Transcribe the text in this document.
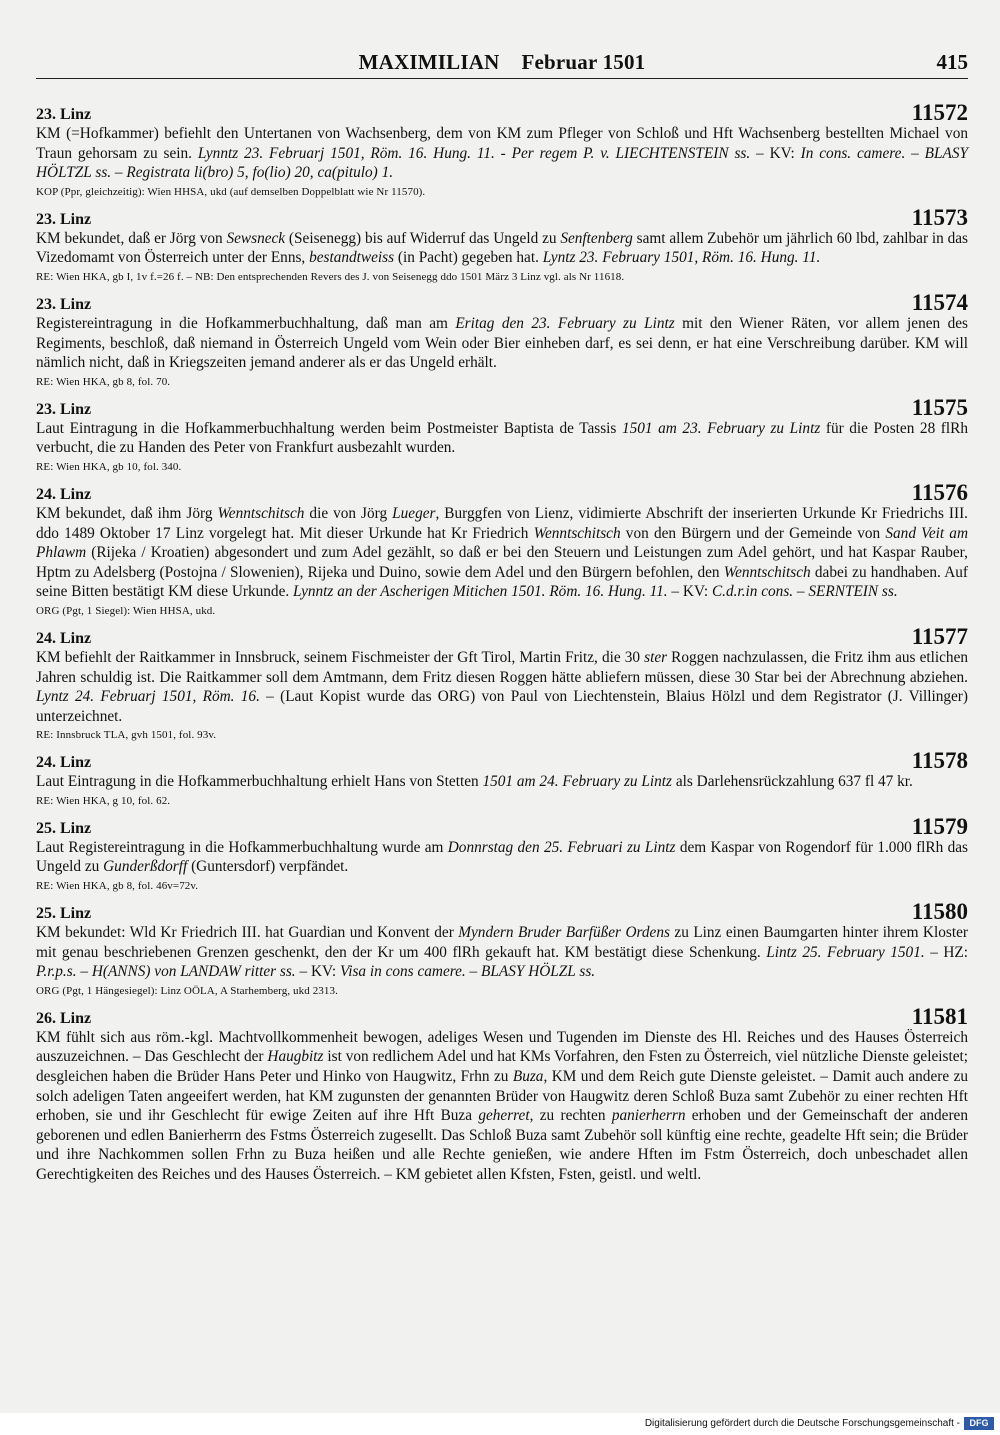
MAXIMILIAN Februar 1501	415
23. Linz	11572

KM (=Hofkammer) befiehlt den Untertanen von Wachsenberg, dem von KM zum Pfleger von Schloß und Hft Wachsenberg bestellten Michael von Traun gehorsam zu sein. Lynntz 23. Februarj 1501, Röm. 16. Hung. 11. - Per regem P. v. LIECHTENSTEIN ss. – KV: In cons. camere. – BLASY HÖLTZL ss. – Registrata li(bro) 5, fo(lio) 20, ca(pitulo) 1.

KOP (Ppr, gleichzeitig): Wien HHSA, ukd (auf demselben Doppelblatt wie Nr 11570).
23. Linz	11573

KM bekundet, daß er Jörg von Sewsneck (Seisenegg) bis auf Widerruf das Ungeld zu Senftenberg samt allem Zubehör um jährlich 60 lbd, zahlbar in das Vizedomamt von Österreich unter der Enns, bestandtweiss (in Pacht) gegeben hat. Lyntz 23. February 1501, Röm. 16. Hung. 11.

RE: Wien HKA, gb I, 1v f.=26 f. – NB: Den entsprechenden Revers des J. von Seisenegg ddo 1501 März 3 Linz vgl. als Nr 11618.
23. Linz	11574

Registereintragung in die Hofkammerbuchhaltung, daß man am Eritag den 23. February zu Lintz mit den Wiener Räten, vor allem jenen des Regiments, beschloß, daß niemand in Österreich Ungeld vom Wein oder Bier einheben darf, es sei denn, er hat eine Verschreibung darüber. KM will nämlich nicht, daß in Kriegszeiten jemand anderer als er das Ungeld erhält.

RE: Wien HKA, gb 8, fol. 70.
23. Linz	11575

Laut Eintragung in die Hofkammerbuchhaltung werden beim Postmeister Baptista de Tassis 1501 am 23. February zu Lintz für die Posten 28 flRh verbucht, die zu Handen des Peter von Frankfurt ausbezahlt wurden.

RE: Wien HKA, gb 10, fol. 340.
24. Linz	11576

KM bekundet, daß ihm Jörg Wenntschitsch die von Jörg Lueger, Burggfen von Lienz, vidimierte Abschrift der inserierten Urkunde Kr Friedrichs III. ddo 1489 Oktober 17 Linz vorgelegt hat. Mit dieser Urkunde hat Kr Friedrich Wenntschitsch von den Bürgern und der Gemeinde von Sand Veit am Phlawm (Rijeka / Kroatien) abgesondert und zum Adel gezählt, so daß er bei den Steuern und Leistungen zum Adel gehört, und hat Kaspar Rauber, Hptm zu Adelsberg (Postojna / Slowenien), Rijeka und Duino, sowie dem Adel und den Bürgern befohlen, den Wenntschitsch dabei zu handhaben. Auf seine Bitten bestätigt KM diese Urkunde. Lynntz an der Ascherigen Mitichen 1501. Röm. 16. Hung. 11. – KV: C.d.r.in cons. – SERNTEIN ss.

ORG (Pgt, 1 Siegel): Wien HHSA, ukd.
24. Linz	11577

KM befiehlt der Raitkammer in Innsbruck, seinem Fischmeister der Gft Tirol, Martin Fritz, die 30 ster Roggen nachzulassen, die Fritz ihm aus etlichen Jahren schuldig ist. Die Raitkammer soll dem Amtmann, dem Fritz diesen Roggen hätte abliefern müssen, diese 30 Star bei der Abrechnung abziehen. Lyntz 24. Februarj 1501, Röm. 16. – (Laut Kopist wurde das ORG) von Paul von Liechtenstein, Blaius Hölzl und dem Registrator (J. Villinger) unterzeichnet.

RE: Innsbruck TLA, gvh 1501, fol. 93v.
24. Linz	11578

Laut Eintragung in die Hofkammerbuchhaltung erhielt Hans von Stetten 1501 am 24. February zu Lintz als Darlehensrückzahlung 637 fl 47 kr.

RE: Wien HKA, g 10, fol. 62.
25. Linz	11579

Laut Registereintragung in die Hofkammerbuchhaltung wurde am Donnrstag den 25. Februari zu Lintz dem Kaspar von Rogendorf für 1.000 flRh das Ungeld zu Gunderßdorff (Guntersdorf) verpfändet.

RE: Wien HKA, gb 8, fol. 46v=72v.
25. Linz	11580

KM bekundet: Wld Kr Friedrich III. hat Guardian und Konvent der Myndern Bruder Barfüßer Ordens zu Linz einen Baumgarten hinter ihrem Kloster mit genau beschriebenen Grenzen geschenkt, den der Kr um 400 flRh gekauft hat. KM bestätigt diese Schenkung. Lintz 25. February 1501. – HZ: P.r.p.s. – H(ANNS) von LANDAW ritter ss. – KV: Visa in cons camere. – BLASY HÖLZL ss.

ORG (Pgt, 1 Hängesiegel): Linz OÖLA, A Starhemberg, ukd 2313.
26. Linz	11581

KM fühlt sich aus röm.-kgl. Machtvollkommenheit bewogen, adeliges Wesen und Tugenden im Dienste des Hl. Reiches und des Hauses Österreich auszuzeichnen. – Das Geschlecht der Haugbitz ist von redlichem Adel und hat KMs Vorfahren, den Fsten zu Österreich, viel nützliche Dienste geleistet; desgleichen haben die Brüder Hans Peter und Hinko von Haugwitz, Frhn zu Buza, KM und dem Reich gute Dienste geleistet. – Damit auch andere zu solch adeligen Taten angeeifert werden, hat KM zugunsten der genannten Brüder von Haugwitz deren Schloß Buza samt Zubehör zu einer rechten Hft erhoben, sie und ihr Geschlecht für ewige Zeiten auf ihre Hft Buza geherret, zu rechten panierherrn erhoben und der Gemeinschaft der anderen geborenen und edlen Banierherrn des Fstms Österreich zugesellt. Das Schloß Buza samt Zubehör soll künftig eine rechte, geadelte Hft sein; die Brüder und ihre Nachkommen sollen Frhn zu Buza heißen und alle Rechte genießen, wie andere Hften im Fstm Österreich, doch unbeschadet allen Gerechtigkeiten des Reiches und des Hauses Österreich. – KM gebietet allen Kfsten, Fsten, geistl. und weltl.

Digitalisierung gefördert durch die Deutsche Forschungsgemeinschaft -	DFG
